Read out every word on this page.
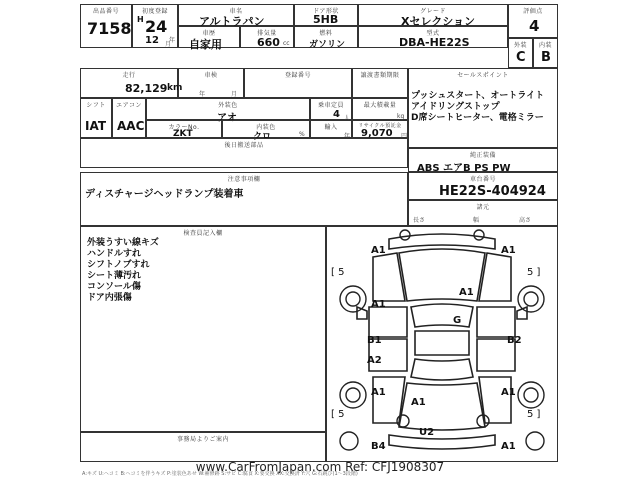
出品番号
7158
初度登録
H 24
年
車名
アルトラパン
ドア形状
5HB
グレード
Xセレクション
評価点
4
12 月
車歴
自家用
排気量
660 cc
燃料
ガソリン
型式
DBA-HE22S	外装
C
内装
B
走行
82,129 km
車検
年	月
登録番号	譲渡書類期限	セールスポイント
プッシュスタート、オートライト
アイドリングストップ
D席シートヒーター、電格ミラー
シフト
IAT
エアコン
AAC
外装色
アオ
乗車定員
4 人
最大積載量
kg
カラーNo.
ZKT
内装色
クロ	%
輸入
年
リサイクル預託金
9,070 円
後日搬送部品
純正装備
ABS エアB PS PW
注意事項欄
ディスチャージヘッドランプ装着車
車台番号
HE22S-404924
諸元
長さ	幅	高さ
検査員記入欄
外装うすい線キズ
ハンドルすれ
シフトノブすれ
シート薄汚れ
コンソール傷
ドア内張傷
事務局よりご案内
A1	A1
[ 5	5 ]
A1
A1
G
B1	B2
A2
A1	A1
[ 5	5 ]
A1
U2
B4	A1
www.CarFromJapan.com Ref: CFJ1908307
A:キズ U:ヘコミ B:ヘコミを伴うキズ P:塗装色あせ W:補修跡 S:サビ C:腐食 X:要交換 XX:交換済 Y:穴 G:石跳び(1〜3段階)
